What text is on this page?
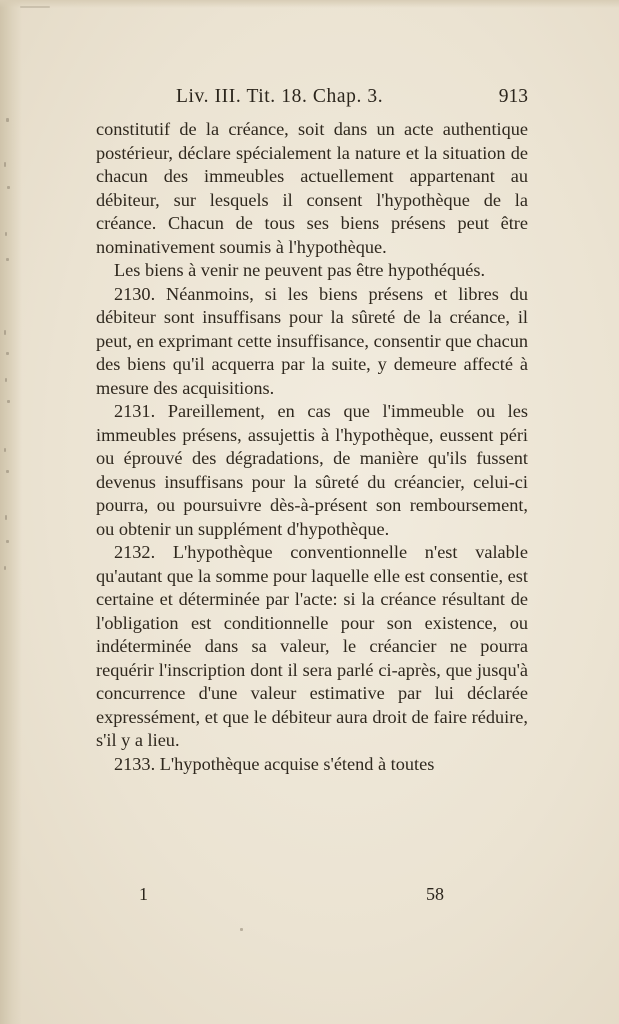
Liv. III. Tit. 18. Chap. 3.	913

constitutif de la créance, soit dans un acte authentique postérieur, déclare spécialement la nature et la situation de chacun des immeubles actuellement appartenant au débiteur, sur lesquels il consent l'hypothèque de la créance. Chacun de tous ses biens présens peut être nominativement soumis à l'hypothèque.

Les biens à venir ne peuvent pas être hypothéqués.

2130. Néanmoins, si les biens présens et libres du débiteur sont insuffisans pour la sûreté de la créance, il peut, en exprimant cette insuffisance, consentir que chacun des biens qu'il acquerra par la suite, y demeure affecté à mesure des acquisitions.

2131. Pareillement, en cas que l'immeuble ou les immeubles présens, assujettis à l'hypothèque, eussent péri ou éprouvé des dégradations, de manière qu'ils fussent devenus insuffisans pour la sûreté du créancier, celui-ci pourra, ou poursuivre dès-à-présent son remboursement, ou obtenir un supplément d'hypothèque.

2132. L'hypothèque conventionnelle n'est valable qu'autant que la somme pour laquelle elle est consentie, est certaine et déterminée par l'acte: si la créance résultant de l'obligation est conditionnelle pour son existence, ou indéterminée dans sa valeur, le créancier ne pourra requérir l'inscription dont il sera parlé ci-après, que jusqu'à concurrence d'une valeur estimative par lui déclarée expressément, et que le débiteur aura droit de faire réduire, s'il y a lieu.

2133. L'hypothèque acquise s'étend à toutes

1	58
